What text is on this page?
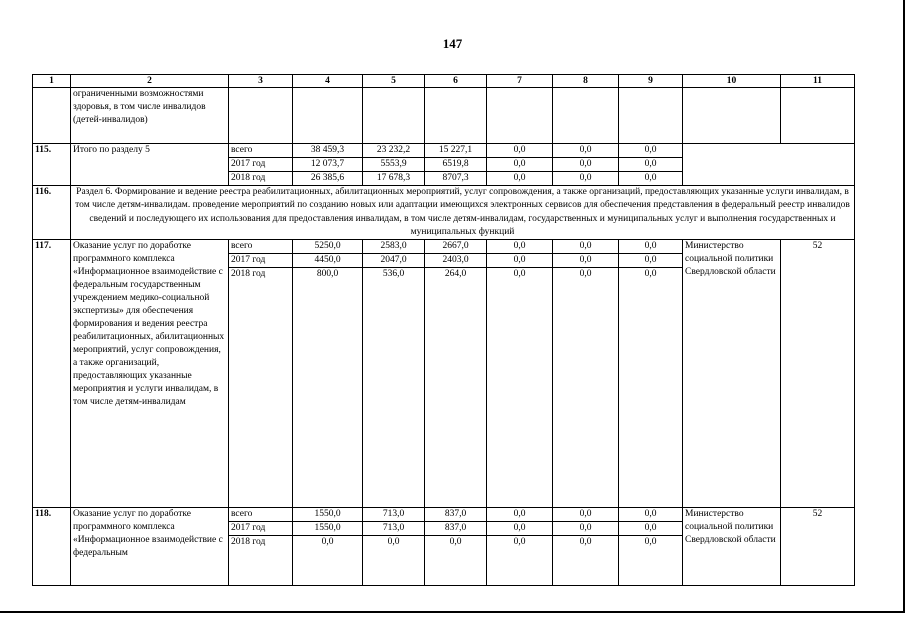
147
1	2	3	4	5	6	7	8	9	10	11
	ограниченными возможностями здоровья, в том числе инвалидов (детей-инвалидов)									
115.	Итого по разделу 5	всего	38 459,3	23 232,2	15 227,1	0,0	0,0	0,0		
		2017 год	12 073,7	5553,9	6519,8	0,0	0,0	0,0		
		2018 год	26 385,6	17 678,3	8707,3	0,0	0,0	0,0		
116.	Раздел 6. Формирование и ведение реестра реабилитационных, абилитационных мероприятий, услуг сопровождения, а также организаций, предоставляющих указанные услуги инвалидам, в том числе детям-инвалидам. проведение мероприятий по созданию новых или адаптации имеющихся электронных сервисов для обеспечения представления в федеральный реестр инвалидов сведений и последующего их использования для предоставления инвалидам, в том числе детям-инвалидам, государственных и муниципальных услуг и выполнения государственных и муниципальных функций									
117.	Оказание услуг по доработке программного комплекса «Информационное взаимодействие с федеральным государственным учреждением медико-социальной экспертизы» для обеспечения формирования и ведения реестра реабилитационных, абилитационных мероприятий, услуг сопровождения, а также организаций, предоставляющих указанные мероприятия и услуги инвалидам, в том числе детям-инвалидам	всего	5250,0	2583,0	2667,0	0,0	0,0	0,0	Министерство социальной политики Свердловской области	52
		2017 год	4450,0	2047,0	2403,0	0,0	0,0	0,0		
		2018 год	800,0	536,0	264,0	0,0	0,0	0,0		
118.	Оказание услуг по доработке программного комплекса «Информационное взаимодействие с федеральным	всего	1550,0	713,0	837,0	0,0	0,0	0,0	Министерство социальной политики Свердловской области	52
		2017 год	1550,0	713,0	837,0	0,0	0,0	0,0		
		2018 год	0,0	0,0	0,0	0,0	0,0	0,0		
